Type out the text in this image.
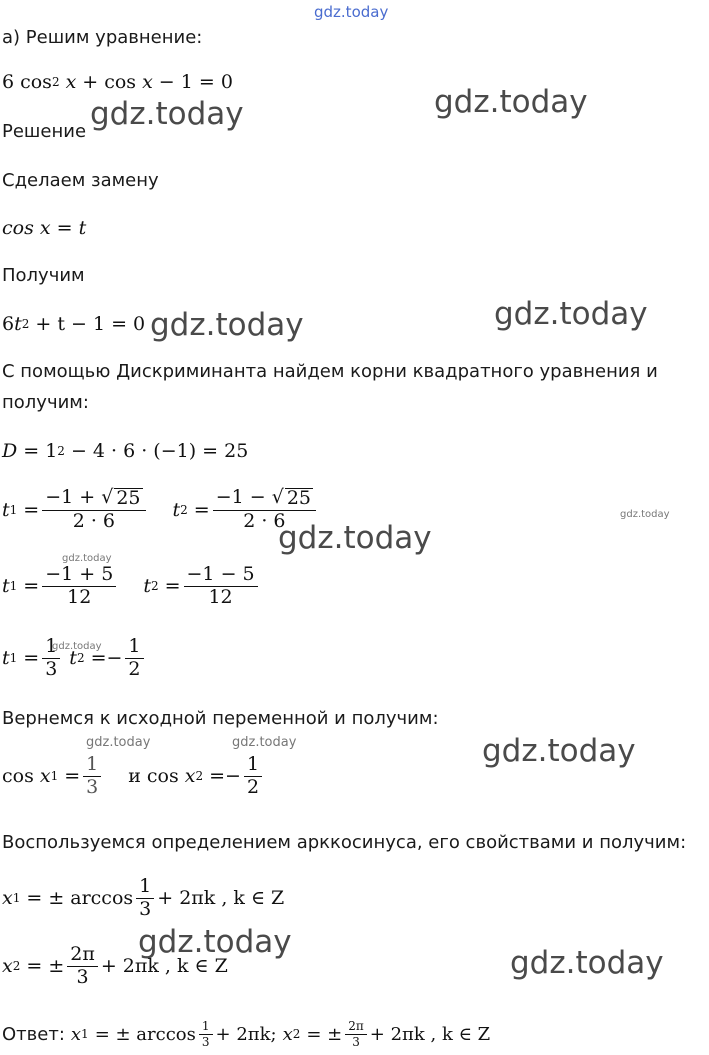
gdz.today
а) Решим уравнение:
6 cos 2 x + cos x − 1 = 0
Решение
Сделаем замену
cos x = t
Получим
6 t 2 + t − 1 = 0
С помощью Дискриминанта найдем корни квадратного уравнения и
получим:
D = 1 2 − 4 · 6 · (−1) = 25
t $1 = \frac{-1 + √ 25}{2 \cdot 6}$ t $2 = \frac{-1 - √ 25}{2 \cdot 6}$
t $1 = \frac{-1 + 5}{12}$ t $2 = \frac{-1 - 5}{12}$
t $1 = \frac{1}{3}$ t 2 = − $\frac{1}{2}$
Вернемся к исходной переменной и получим:
cos x $1 = \frac{1}{3}$ и cos x 2 = − $\frac{1}{2}$
Воспользуемся определением арккосинуса, его свойствами и получим:
x 1 = ± $\arccos \frac{1}{3} + 2\pi k$ , k ∈ Z
x 2 = ± $\frac{2\pi}{3} + 2\pi k$ , k ∈ Z
Ответ: x 1 = ± $\arccos \frac{1}{3} + 2\pi k$; x 2 = ± $\frac{2\pi}{3} + 2\pi k$ , k ∈ Z
gdz.today	gdz.today
gdz.today	gdz.today
gdz.today
gdz.today
gdz.today
gdz.today
gdz.today
gdz.today
gdz.today
gdz.today	gdz.today
